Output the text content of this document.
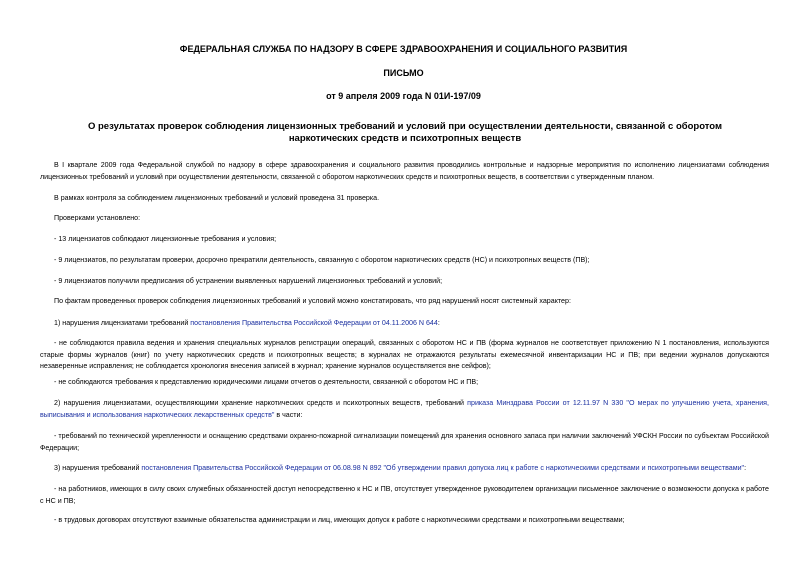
ФЕДЕРАЛЬНАЯ СЛУЖБА ПО НАДЗОРУ В СФЕРЕ ЗДРАВООХРАНЕНИЯ И СОЦИАЛЬНОГО РАЗВИТИЯ
ПИСЬМО
от 9 апреля 2009 года N 01И-197/09
О результатах проверок соблюдения лицензионных требований и условий при осуществлении деятельности, связанной с оборотом наркотических средств и психотропных веществ
В I квартале 2009 года Федеральной службой по надзору в сфере здравоохранения и социального развития проводились контрольные и надзорные мероприятия по исполнению лицензиатами соблюдения лицензионных требований и условий при осуществлении деятельности, связанной с оборотом наркотических средств и психотропных веществ, в соответствии с утвержденным планом.
В рамках контроля за соблюдением лицензионных требований и условий проведена 31 проверка.
Проверками установлено:
- 13 лицензиатов соблюдают лицензионные требования и условия;
- 9 лицензиатов, по результатам проверки, досрочно прекратили деятельность, связанную с оборотом наркотических средств (НС) и психотропных веществ (ПВ);
- 9 лицензиатов получили предписания об устранении выявленных нарушений лицензионных требований и условий;
По фактам проведенных проверок соблюдения лицензионных требований и условий можно констатировать, что ряд нарушений носят системный характер:
1) нарушения лицензиатами требований постановления Правительства Российской Федерации от 04.11.2006 N 644:
- не соблюдаются правила ведения и хранения специальных журналов регистрации операций, связанных с оборотом НС и ПВ (форма журналов не соответствует приложению N 1 постановления, используются старые формы журналов (книг) по учету наркотических средств и психотропных веществ; в журналах не отражаются результаты ежемесячной инвентаризации НС и ПВ; при ведении журналов допускаются незаверенные исправления; не соблюдается хронология внесения записей в журнал; хранение журналов осуществляется вне сейфов);
- не соблюдаются требования к представлению юридическими лицами отчетов о деятельности, связанной с оборотом НС и ПВ;
2) нарушения лицензиатами, осуществляющими хранение наркотических средств и психотропных веществ, требований приказа Минздрава России от 12.11.97 N 330 "О мерах по улучшению учета, хранения, выписывания и использования наркотических лекарственных средств" в части:
- требований по технической укрепленности и оснащению средствами охранно-пожарной сигнализации помещений для хранения основного запаса при наличии заключений УФСКН России по субъектам Российской Федерации;
3) нарушения требований постановления Правительства Российской Федерации от 06.08.98 N 892 "Об утверждении правил допуска лиц к работе с наркотическими средствами и психотропными веществами":
- на работников, имеющих в силу своих служебных обязанностей доступ непосредственно к НС и ПВ, отсутствует утвержденное руководителем организации письменное заключение о возможности допуска к работе с НС и ПВ;
- в трудовых договорах отсутствуют взаимные обязательства администрации и лиц, имеющих допуск к работе с наркотическими средствами и психотропными веществами;
